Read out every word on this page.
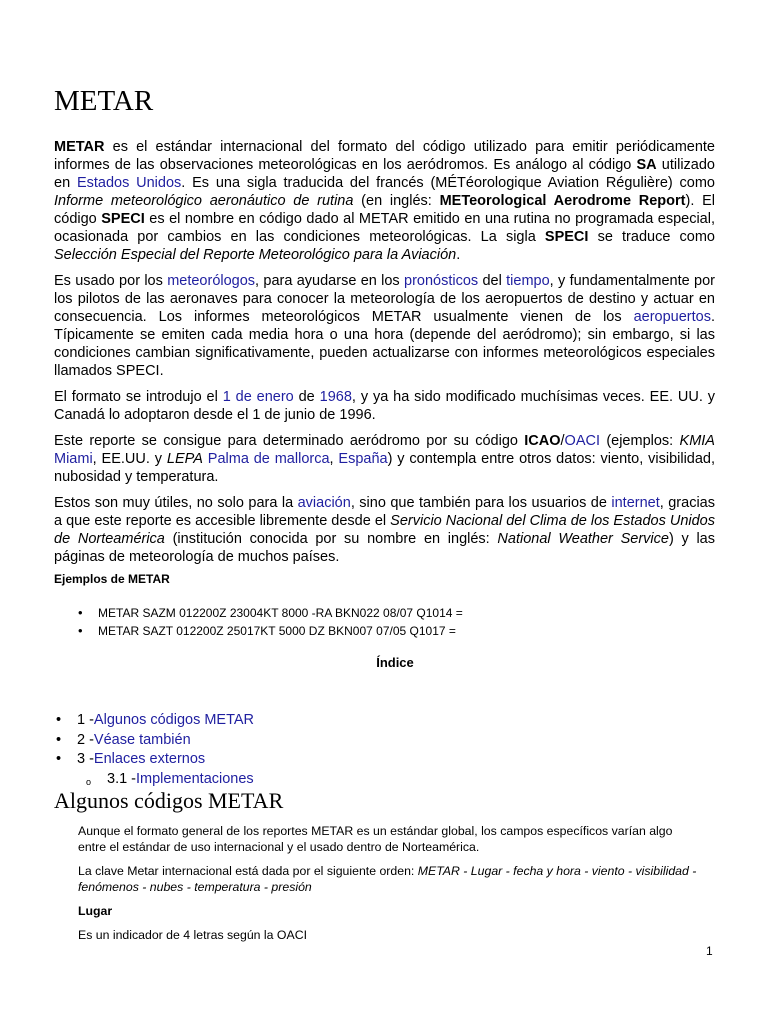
METAR

METAR es el estándar internacional del formato del código utilizado para emitir periódicamente informes de las observaciones meteorológicas en los aeródromos. Es análogo al código SA utilizado en Estados Unidos. Es una sigla traducida del francés (MÉTéorologique Aviation Régulière) como Informe meteorológico aeronáutico de rutina (en inglés: METeorological Aerodrome Report). El código SPECI es el nombre en código dado al METAR emitido en una rutina no programada especial, ocasionada por cambios en las condiciones meteorológicas. La sigla SPECI se traduce como Selección Especial del Reporte Meteorológico para la Aviación.

Es usado por los meteorólogos, para ayudarse en los pronósticos del tiempo, y fundamentalmente por los pilotos de las aeronaves para conocer la meteorología de los aeropuertos de destino y actuar en consecuencia. Los informes meteorológicos METAR usualmente vienen de los aeropuertos. Típicamente se emiten cada media hora o una hora (depende del aeródromo); sin embargo, si las condiciones cambian significativamente, pueden actualizarse con informes meteorológicos especiales llamados SPECI.

El formato se introdujo el 1 de enero de 1968, y ya ha sido modificado muchísimas veces. EE. UU. y Canadá lo adoptaron desde el 1 de junio de 1996.

Este reporte se consigue para determinado aeródromo por su código ICAO/OACI (ejemplos: KMIA Miami, EE.UU. y LEPA Palma de mallorca, España) y contempla entre otros datos: viento, visibilidad, nubosidad y temperatura.

Estos son muy útiles, no solo para la aviación, sino que también para los usuarios de internet, gracias a que este reporte es accesible libremente desde el Servicio Nacional del Clima de los Estados Unidos de Norteamérica (institución conocida por su nombre en inglés: National Weather Service) y las páginas de meteorología de muchos países.

Ejemplos de METAR

• METAR SAZM 012200Z 23004KT 8000 -RA BKN022 08/07 Q1014 =
• METAR SAZT 012200Z 25017KT 5000 DZ BKN007 07/05 Q1017 =

Índice

• 1 -Algunos códigos METAR
• 2 -Véase también
• 3 -Enlaces externos
o 3.1 -Implementaciones
Algunos códigos METAR

Aunque el formato general de los reportes METAR es un estándar global, los campos específicos varían algo entre el estándar de uso internacional y el usado dentro de Norteamérica.

La clave Metar internacional está dada por el siguiente orden: METAR - Lugar - fecha y hora - viento - visibilidad - fenómenos - nubes - temperatura - presión

Lugar

Es un indicador de 4 letras según la OACI

1
